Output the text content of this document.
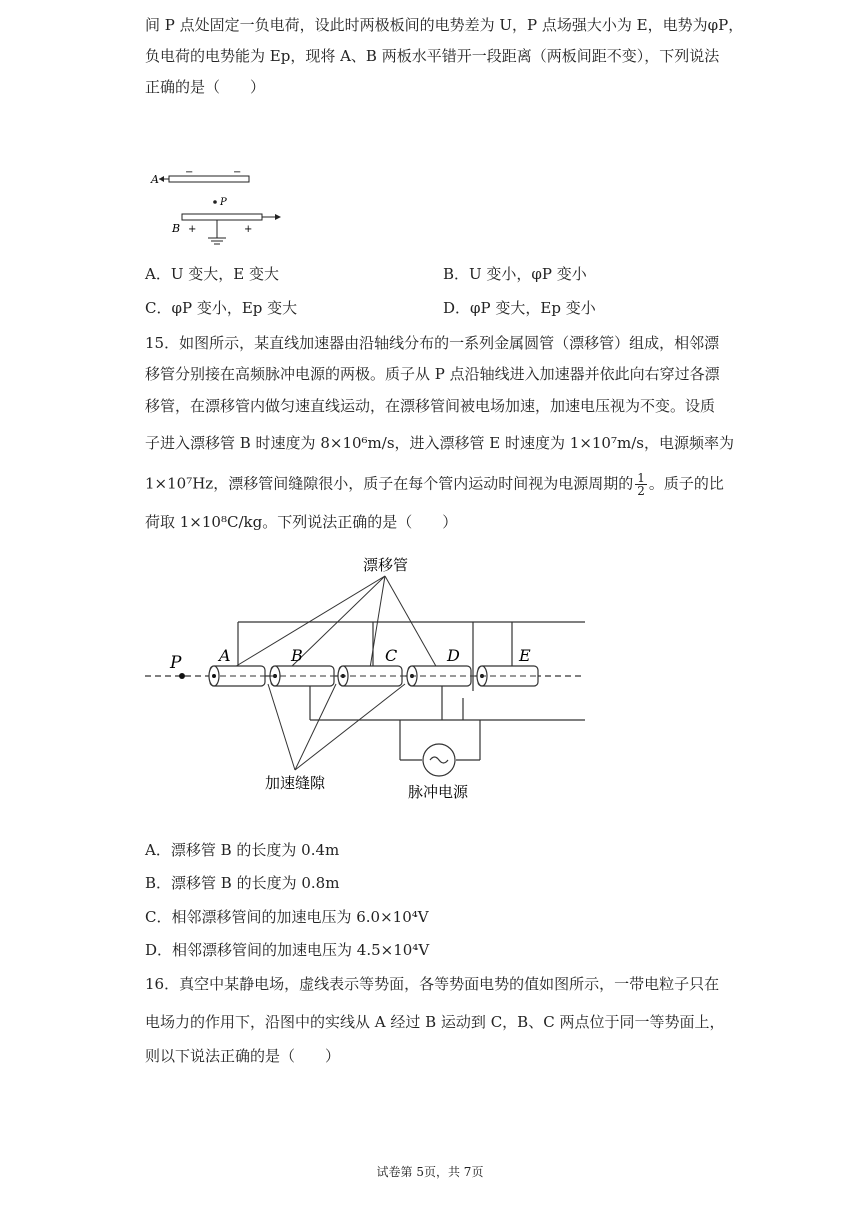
间 P 点处固定一负电荷，设此时两极板间的电势差为 U，P 点场强大小为 E，电势为φP，
负电荷的电势能为 Ep，现将 A、B 两板水平错开一段距离（两板间距不变），下列说法
正确的是（　　）
A
−	−
P
B +	+
A．U 变大，E 变大	B．U 变小，φP 变小
C．φP 变小，Ep 变大	D．φP 变大，Ep 变小
15．如图所示，某直线加速器由沿轴线分布的一系列金属圆管（漂移管）组成，相邻漂
移管分别接在高频脉冲电源的两极。质子从 P 点沿轴线进入加速器并依此向右穿过各漂
移管，在漂移管内做匀速直线运动，在漂移管间被电场加速，加速电压视为不变。设质
子进入漂移管 B 时速度为 8×10⁶m/s，进入漂移管 E 时速度为 1×10⁷m/s，电源频率为
1×10⁷Hz，漂移管间缝隙很小，质子在每个管内运动时间视为电源周期的 $\frac{1}{2}$ 。质子的比
荷取 1×10⁸C/kg。下列说法正确的是（　　）
漂移管
脉冲电源
P A	B	C	D	E
加速缝隙
A．漂移管 B 的长度为 0.4m
B．漂移管 B 的长度为 0.8m
C．相邻漂移管间的加速电压为 6.0×10⁴V
D．相邻漂移管间的加速电压为 4.5×10⁴V
16．真空中某静电场，虚线表示等势面，各等势面电势的值如图所示，一带电粒子只在
电场力的作用下，沿图中的实线从 A 经过 B 运动到 C，B、C 两点位于同一等势面上，
则以下说法正确的是（　　）
试卷第 5页，共 7页
